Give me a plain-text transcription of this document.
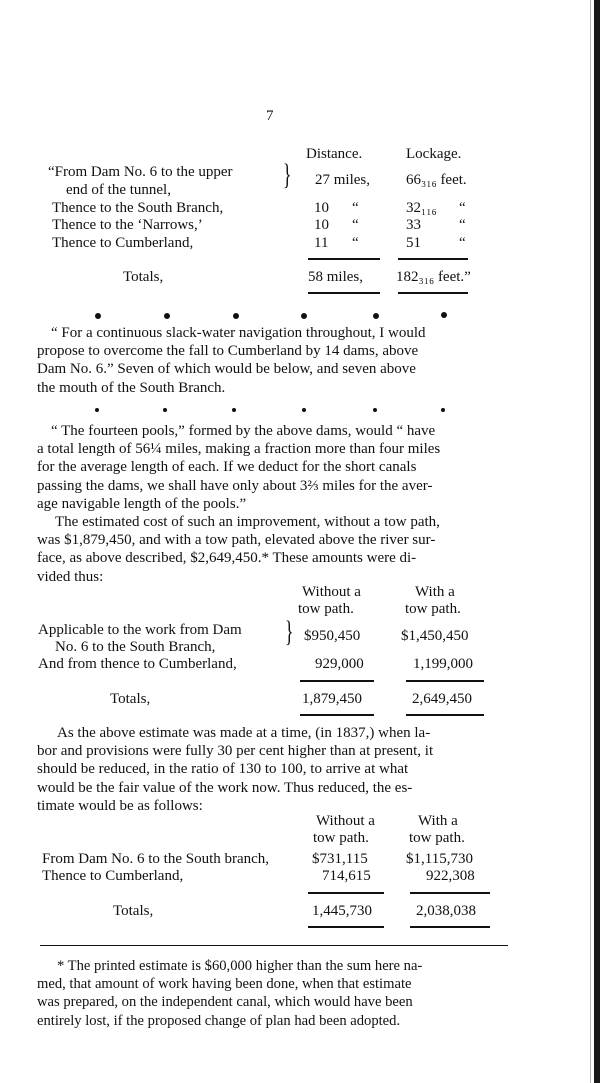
7
Distance.	Lockage.
“From Dam No. 6 to the upper
end of the tunnel,	} 27 miles, 66₃₁₆ feet.
Thence to the South Branch,	10 “	32₁₁₆ “
Thence to the ‘Narrows,’	10 “	33	“
Thence to Cumberland,	11 “	51	“
Totals,	58 miles, 182₃₁₆ feet.”
“ For a continuous slack-water navigation throughout, I would
propose to overcome the fall to Cumberland by 14 dams, above
Dam No. 6.” Seven of which would be below, and seven above
the mouth of the South Branch.
“ The fourteen pools,” formed by the above dams, would “ have
a total length of 56¼ miles, making a fraction more than four miles
for the average length of each. If we deduct for the short canals
passing the dams, we shall have only about 3⅔ miles for the aver-
age navigable length of the pools.”
The estimated cost of such an improvement, without a tow path,
was $1,879,450, and with a tow path, elevated above the river sur-
face, as above described, $2,649,450.* These amounts were di-
vided thus:
Without a
tow path.
With a
tow path.
Applicable to the work from Dam
No. 6 to the South Branch, } $950,450	$1,450,450
And from thence to Cumberland,	929,000	1,199,000
Totals,	1,879,450	2,649,450
As the above estimate was made at a time, (in 1837,) when la-
bor and provisions were fully 30 per cent higher than at present, it
should be reduced, in the ratio of 130 to 100, to arrive at what
would be the fair value of the work now. Thus reduced, the es-
timate would be as follows:
Without a
tow path.
With a
tow path.
From Dam No. 6 to the South branch,	$731,115	$1,115,730
Thence to Cumberland,	714,615	922,308
Totals,	1,445,730	2,038,038
* The printed estimate is $60,000 higher than the sum here na-
med, that amount of work having been done, when that estimate
was prepared, on the independent canal, which would have been
entirely lost, if the proposed change of plan had been adopted.
